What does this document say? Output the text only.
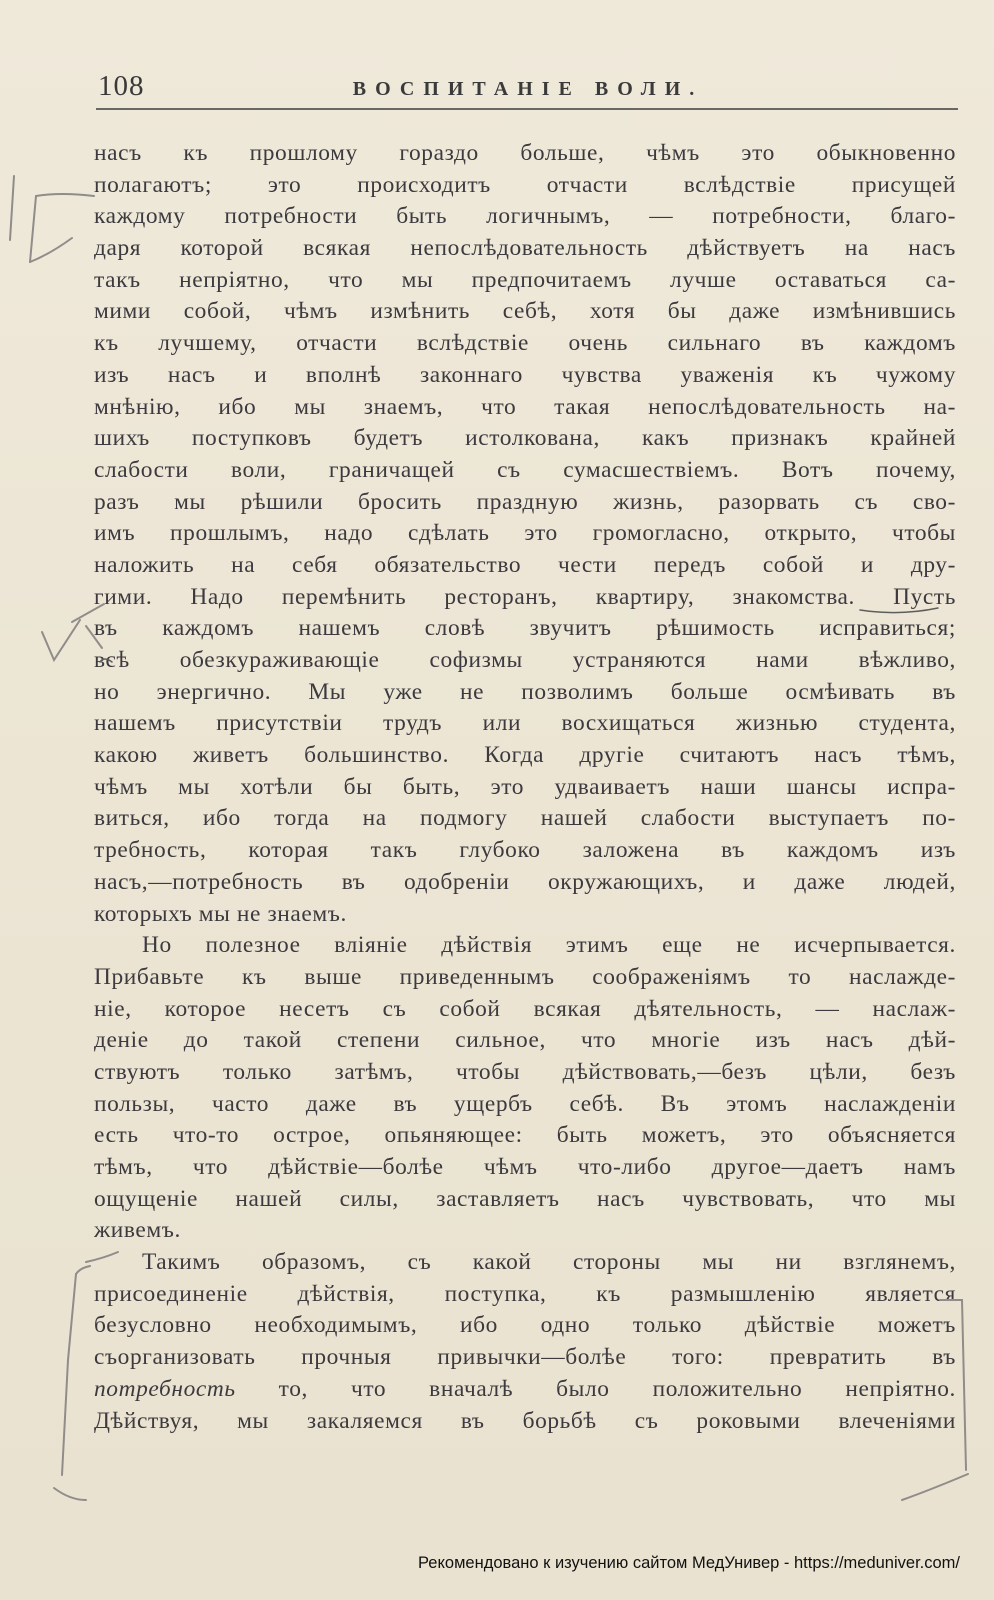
108	ВОСПИТАНІЕ ВОЛИ.
насъ къ прошлому гораздо больше, чѣмъ это обыкновенно
полагаютъ; это происходитъ отчасти вслѣдствіе присущей
каждому потребности быть логичнымъ, — потребности, благо-
даря которой всякая непослѣдовательность дѣйствуетъ на насъ
такъ непріятно, что мы предпочитаемъ лучше оставаться са-
мими собой, чѣмъ измѣнить себѣ, хотя бы даже измѣнившись
къ лучшему, отчасти вслѣдствіе очень сильнаго въ каждомъ
изъ насъ и вполнѣ законнаго чувства уваженія къ чужому
мнѣнію, ибо мы знаемъ, что такая непослѣдовательность на-
шихъ поступковъ будетъ истолкована, какъ признакъ крайней
слабости воли, граничащей съ сумасшествіемъ. Вотъ почему,
разъ мы рѣшили бросить праздную жизнь, разорвать съ сво-
имъ прошлымъ, надо сдѣлать это громогласно, открыто, чтобы
наложить на себя обязательство чести передъ собой и дру-
гими. Надо перемѣнить ресторанъ, квартиру, знакомства. Пусть
въ каждомъ нашемъ словѣ звучитъ рѣшимость исправиться;
всѣ обезкураживающіе софизмы устраняются нами вѣжливо,
но энергично. Мы уже не позволимъ больше осмѣивать въ
нашемъ присутствіи трудъ или восхищаться жизнью студента,
какою живетъ большинство. Когда другіе считаютъ насъ тѣмъ,
чѣмъ мы хотѣли бы быть, это удваиваетъ наши шансы испра-
виться, ибо тогда на подмогу нашей слабости выступаетъ по-
требность, которая такъ глубоко заложена въ каждомъ изъ
насъ,—потребность въ одобреніи окружающихъ, и даже людей,
которыхъ мы не знаемъ.
Но полезное вліяніе дѣйствія этимъ еще не исчерпывается.
Прибавьте къ выше приведеннымъ соображеніямъ то наслажде-
ніе, которое несетъ съ собой всякая дѣятельность, — наслаж-
деніе до такой степени сильное, что многіе изъ насъ дѣй-
ствуютъ только затѣмъ, чтобы дѣйствовать,—безъ цѣли, безъ
пользы, часто даже въ ущербъ себѣ. Въ этомъ наслажденіи
есть что-то острое, опьяняющее: быть можетъ, это объясняется
тѣмъ, что дѣйствіе—болѣе чѣмъ что-либо другое—даетъ намъ
ощущеніе нашей силы, заставляетъ насъ чувствовать, что мы
живемъ.
Такимъ образомъ, съ какой стороны мы ни взглянемъ,
присоединеніе дѣйствія, поступка, къ размышленію является
безусловно необходимымъ, ибо одно только дѣйствіе можетъ
съорганизовать прочныя привычки—болѣе того: превратить въ
потребность то, что вначалѣ было положительно непріятно.
Дѣйствуя, мы закаляемся въ борьбѣ съ роковыми влеченіями
Рекомендовано к изучению сайтом МедУнивер - https://meduniver.com/
